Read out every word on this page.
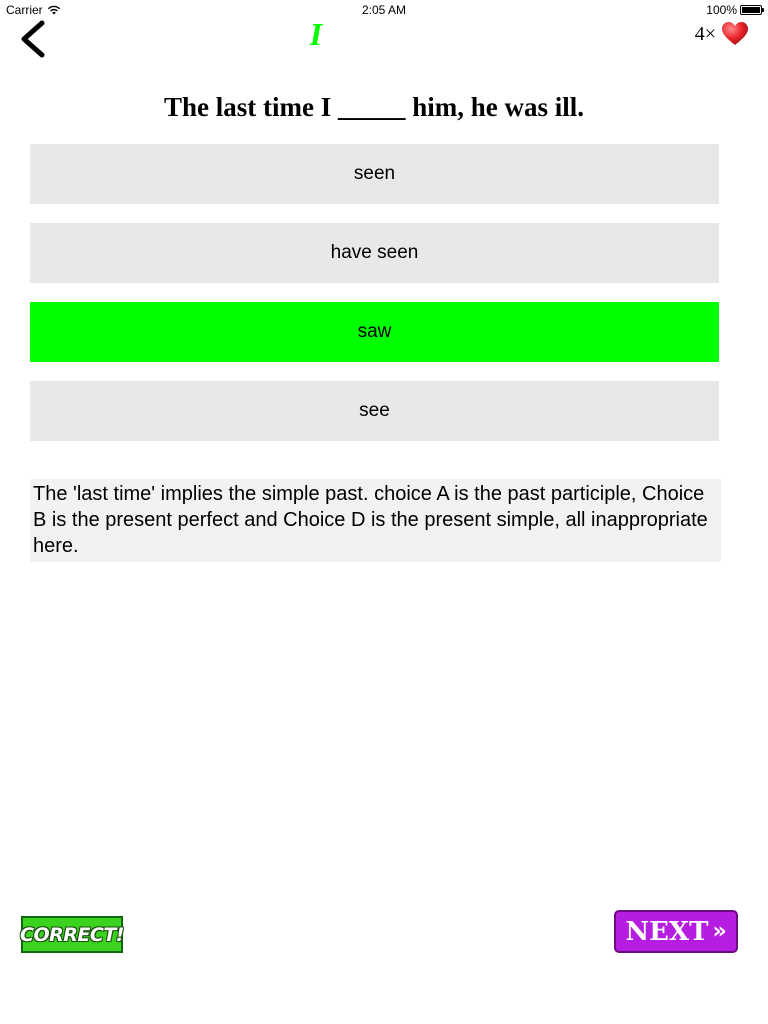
Carrier	2:05 AM	100%
I	4×
The last time I _____ him, he was ill.
seen
have seen
saw
see
The 'last time' implies the simple past. choice A is the past participle, Choice B is the present perfect and Choice D is the present simple, all inappropriate here.
CORRECT!	NEXT »
